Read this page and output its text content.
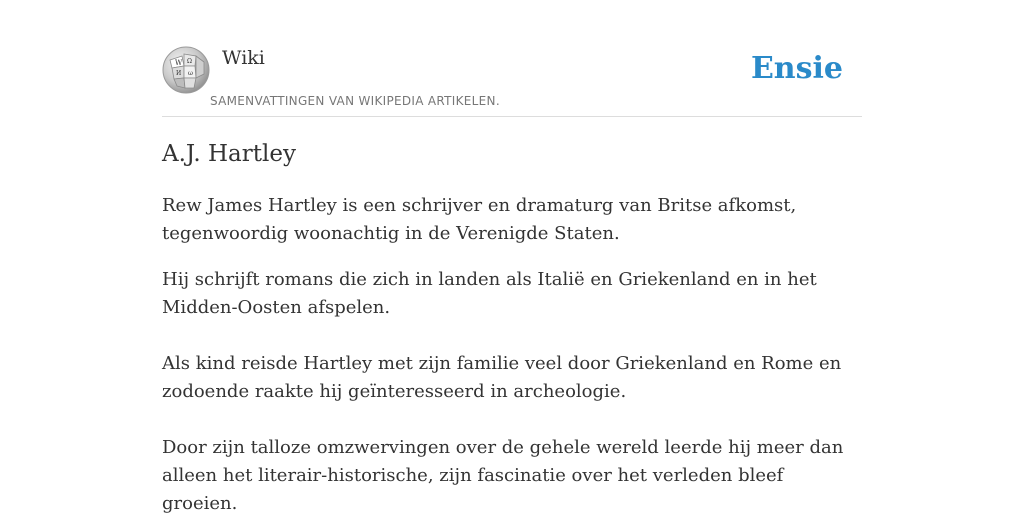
W Ω
И ω
Wiki
SAMENVATTINGEN VAN WIKIPEDIA ARTIKELEN.
Ensie
A.J. Hartley

Rew James Hartley is een schrijver en dramaturg van Britse afkomst, tegenwoordig woonachtig in de Verenigde Staten.

Hij schrijft romans die zich in landen als Italië en Griekenland en in het Midden-Oosten afspelen.

Als kind reisde Hartley met zijn familie veel door Griekenland en Rome en zodoende raakte hij geïnteresseerd in archeologie.

Door zijn talloze omzwervingen over de gehele wereld leerde hij meer dan alleen het literair-historische, zijn fascinatie over het verleden bleef groeien.
